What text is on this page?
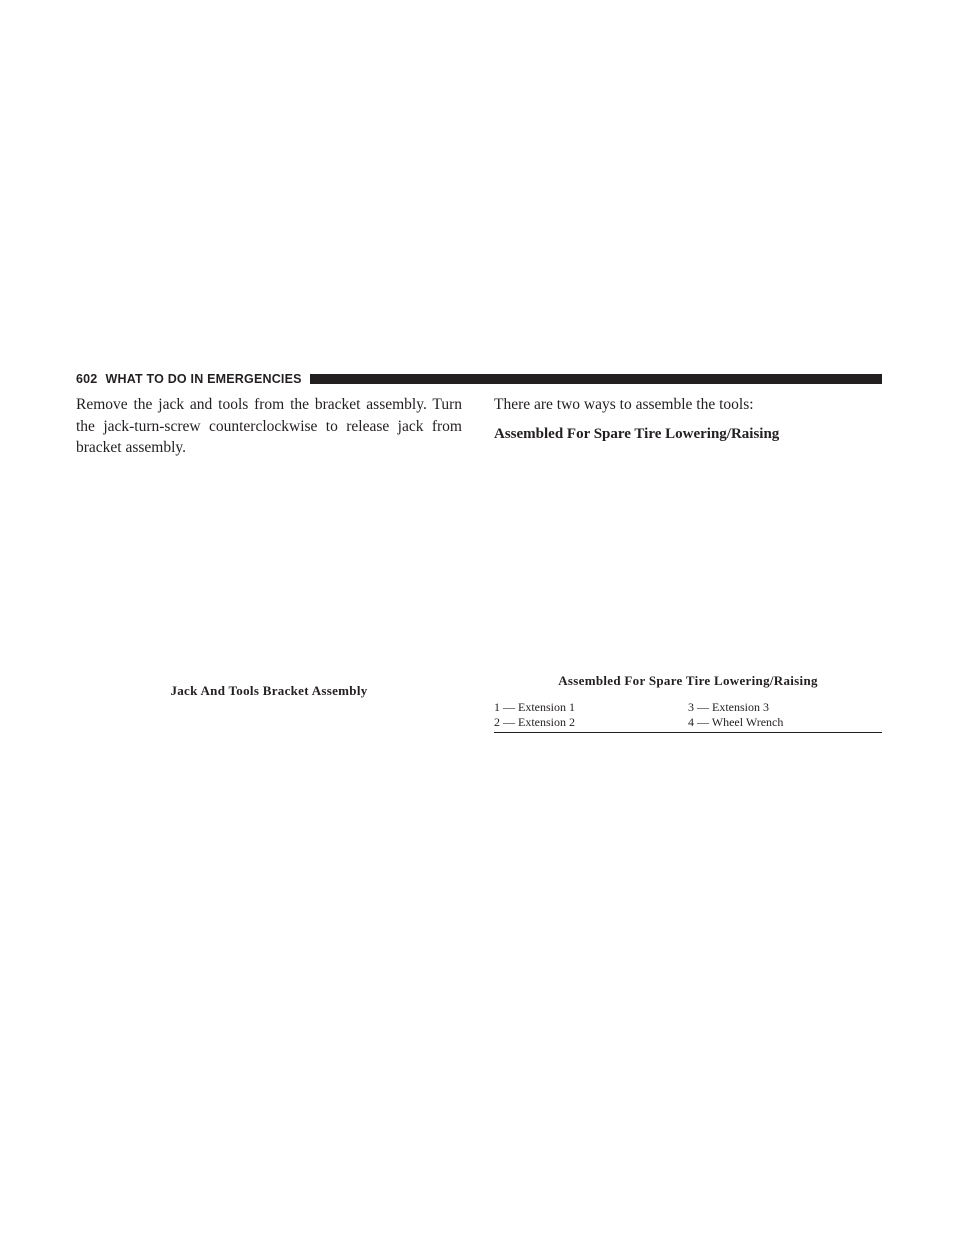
602 WHAT TO DO IN EMERGENCIES

Remove the jack and tools from the bracket assembly. Turn the jack-turn-screw counterclockwise to release jack from bracket assembly.

Jack And Tools Bracket Assembly

There are two ways to assemble the tools:

Assembled For Spare Tire Lowering/Raising

Assembled For Spare Tire Lowering/Raising
1 — Extension 1	3 — Extension 3
2 — Extension 2	4 — Wheel Wrench
